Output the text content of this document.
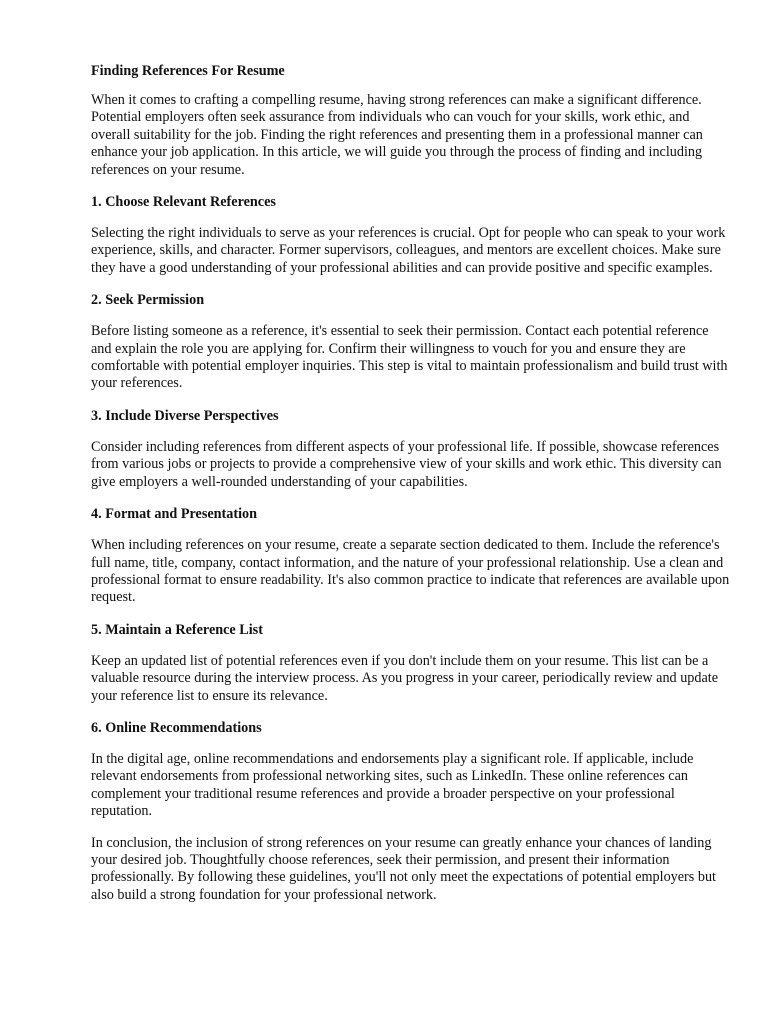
Finding References For Resume

When it comes to crafting a compelling resume, having strong references can make a significant difference. Potential employers often seek assurance from individuals who can vouch for your skills, work ethic, and overall suitability for the job. Finding the right references and presenting them in a professional manner can enhance your job application. In this article, we will guide you through the process of finding and including references on your resume.

1. Choose Relevant References

Selecting the right individuals to serve as your references is crucial. Opt for people who can speak to your work experience, skills, and character. Former supervisors, colleagues, and mentors are excellent choices. Make sure they have a good understanding of your professional abilities and can provide positive and specific examples.

2. Seek Permission

Before listing someone as a reference, it's essential to seek their permission. Contact each potential reference and explain the role you are applying for. Confirm their willingness to vouch for you and ensure they are comfortable with potential employer inquiries. This step is vital to maintain professionalism and build trust with your references.

3. Include Diverse Perspectives

Consider including references from different aspects of your professional life. If possible, showcase references from various jobs or projects to provide a comprehensive view of your skills and work ethic. This diversity can give employers a well-rounded understanding of your capabilities.

4. Format and Presentation

When including references on your resume, create a separate section dedicated to them. Include the reference's full name, title, company, contact information, and the nature of your professional relationship. Use a clean and professional format to ensure readability. It's also common practice to indicate that references are available upon request.

5. Maintain a Reference List

Keep an updated list of potential references even if you don't include them on your resume. This list can be a valuable resource during the interview process. As you progress in your career, periodically review and update your reference list to ensure its relevance.

6. Online Recommendations

In the digital age, online recommendations and endorsements play a significant role. If applicable, include relevant endorsements from professional networking sites, such as LinkedIn. These online references can complement your traditional resume references and provide a broader perspective on your professional reputation.

In conclusion, the inclusion of strong references on your resume can greatly enhance your chances of landing your desired job. Thoughtfully choose references, seek their permission, and present their information professionally. By following these guidelines, you'll not only meet the expectations of potential employers but also build a strong foundation for your professional network.
